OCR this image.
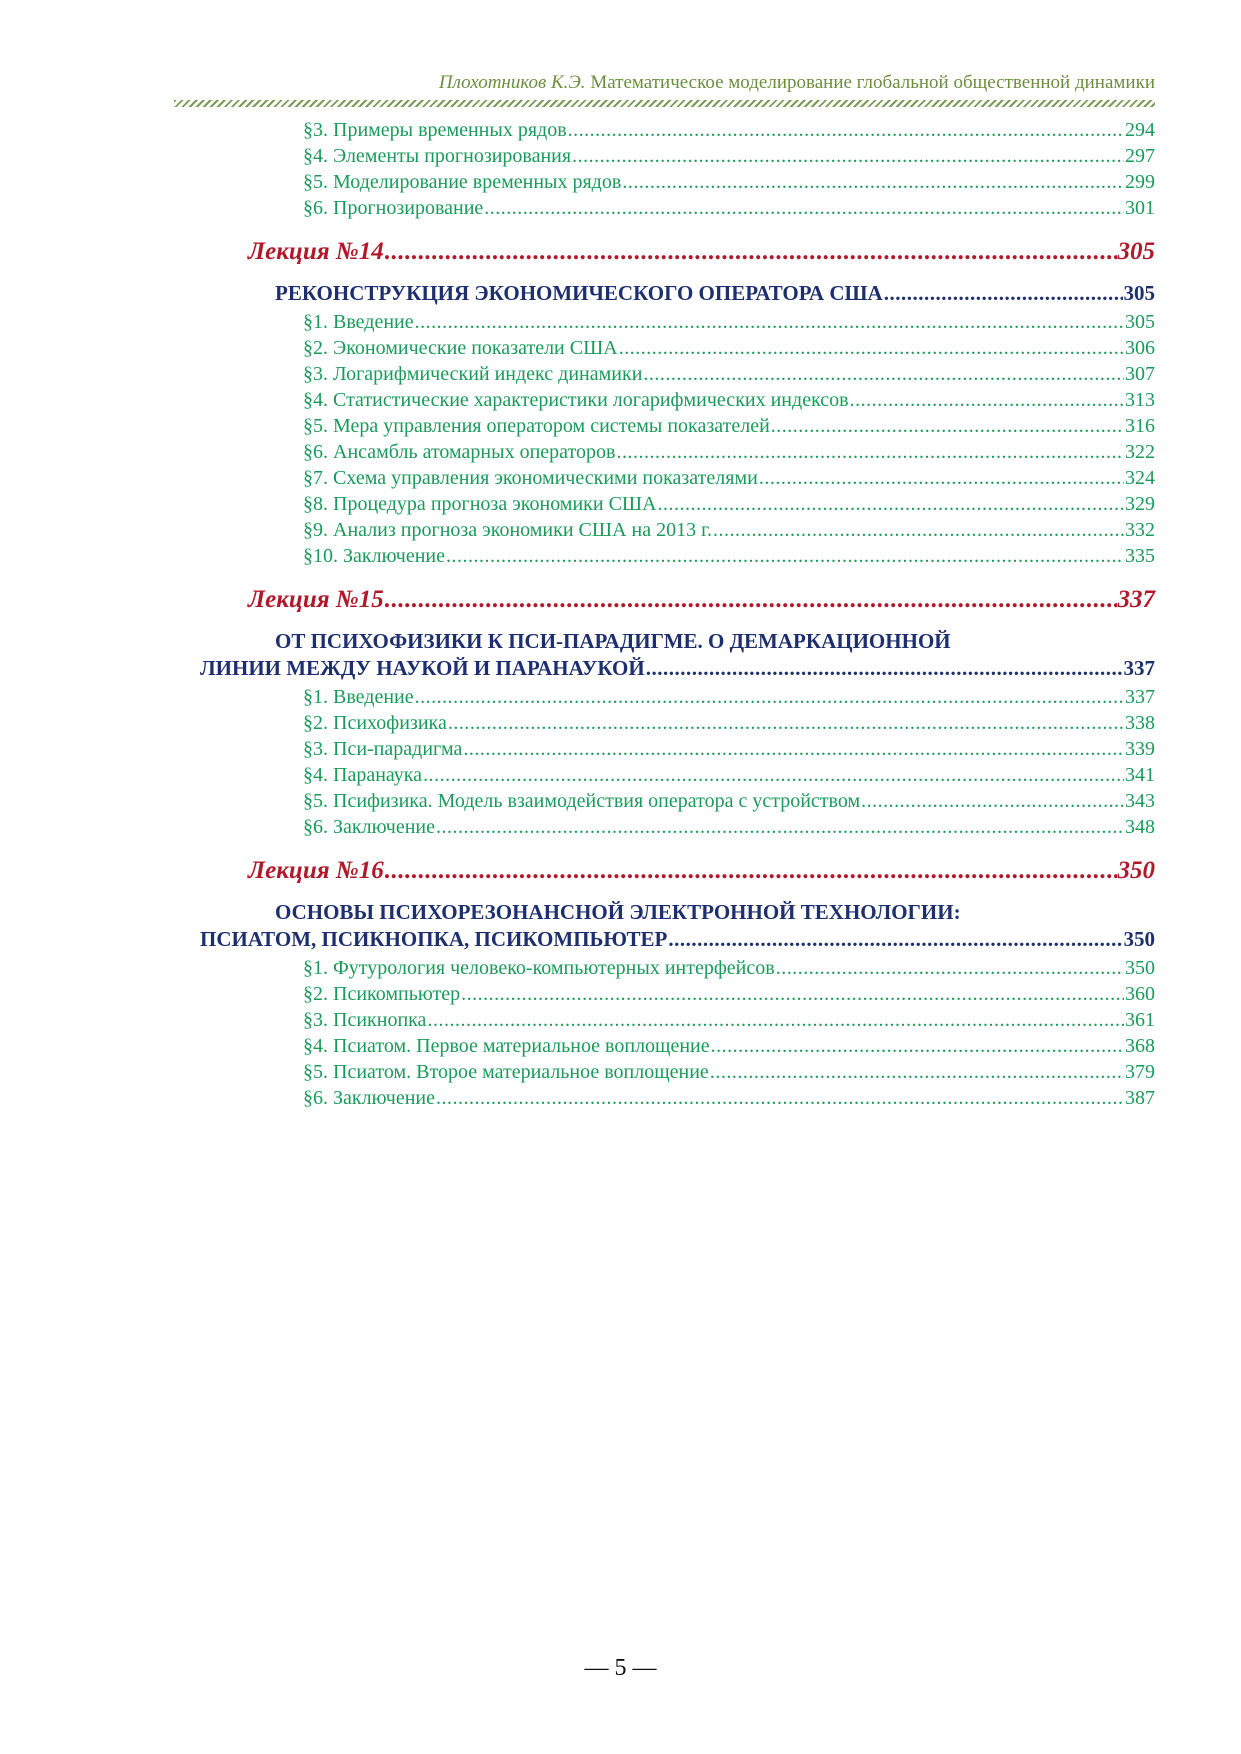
Плохотников К.Э. Математическое моделирование глобальной общественной динамики
§3. Примеры временных рядов .....	294
§4. Элементы прогнозирования .....	297
§5. Моделирование временных рядов .....	299
§6. Прогнозирование .....	301
Лекция №14 .....	305
РЕКОНСТРУКЦИЯ ЭКОНОМИЧЕСКОГО ОПЕРАТОРА США .....	305
§1. Введение .....	305
§2. Экономические показатели США .....	306
§3. Логарифмический индекс динамики .....	307
§4. Статистические характеристики логарифмических индексов .....	313
§5. Мера управления оператором системы показателей .....	316
§6. Ансамбль атомарных операторов .....	322
§7. Схема управления экономическими показателями .....	324
§8. Процедура прогноза экономики США .....	329
§9. Анализ прогноза экономики США на 2013 г. .....	332
§10. Заключение .....	335
Лекция №15 .....	337
ОТ ПСИХОФИЗИКИ К ПСИ-ПАРАДИГМЕ. О ДЕМАРКАЦИОННОЙ
ЛИНИИ МЕЖДУ НАУКОЙ И ПАРАНАУКОЙ .....	337
§1. Введение .....	337
§2. Психофизика .....	338
§3. Пси-парадигма .....	339
§4. Паранаука .....	341
§5. Псифизика. Модель взаимодействия оператора с устройством .....	343
§6. Заключение .....	348
Лекция №16 .....	350
ОСНОВЫ ПСИХОРЕЗОНАНСНОЙ ЭЛЕКТРОННОЙ ТЕХНОЛОГИИ:
ПСИАТОМ, ПСИКНОПКА, ПСИКОМПЬЮТЕР .....	350
§1. Футурология человеко-компьютерных интерфейсов .....	350
§2. Псикомпьютер .....	360
§3. Псикнопка .....	361
§4. Псиатом. Первое материальное воплощение .....	368
§5. Псиатом. Второе материальное воплощение .....	379
§6. Заключение .....	387
— 5 —
